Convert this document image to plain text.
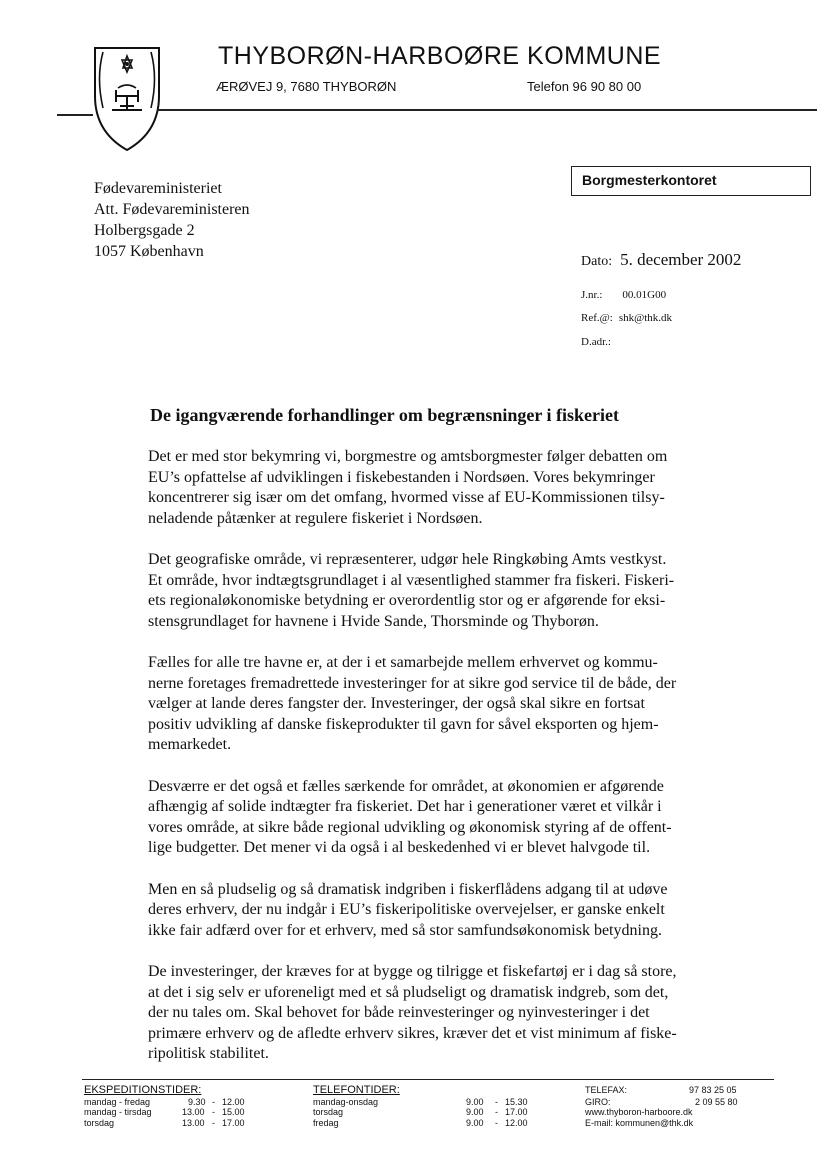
THYBORØN-HARBOØRE KOMMUNE
ÆRØVEJ 9, 7680 THYBORØN	Telefon 96 90 80 00
Fødevareministeriet
Att. Fødevareministeren
Holbergsgade 2
1057 København
Borgmesterkontoret
Dato: 5. december 2002
J.nr.: 00.01G00
Ref.@: shk@thk.dk
D.adr.:
De igangværende forhandlinger om begrænsninger i fiskeriet

Det er med stor bekymring vi, borgmestre og amtsborgmester følger debatten om
EU’s opfattelse af udviklingen i fiskebestanden i Nordsøen. Vores bekymringer
koncentrerer sig især om det omfang, hvormed visse af EU-Kommissionen tilsy-
neladende påtænker at regulere fiskeriet i Nordsøen.

Det geografiske område, vi repræsenterer, udgør hele Ringkøbing Amts vestkyst.
Et område, hvor indtægtsgrundlaget i al væsentlighed stammer fra fiskeri. Fiskeri-
ets regionaløkonomiske betydning er overordentlig stor og er afgørende for eksi-
stensgrundlaget for havnene i Hvide Sande, Thorsminde og Thyborøn.

Fælles for alle tre havne er, at der i et samarbejde mellem erhvervet og kommu-
nerne foretages fremadrettede investeringer for at sikre god service til de både, der
vælger at lande deres fangster der. Investeringer, der også skal sikre en fortsat
positiv udvikling af danske fiskeprodukter til gavn for såvel eksporten og hjem-
memarkedet.

Desværre er det også et fælles særkende for området, at økonomien er afgørende
afhængig af solide indtægter fra fiskeriet. Det har i generationer været et vilkår i
vores område, at sikre både regional udvikling og økonomisk styring af de offent-
lige budgetter. Det mener vi da også i al beskedenhed vi er blevet halvgode til.

Men en så pludselig og så dramatisk indgriben i fiskerflådens adgang til at udøve
deres erhverv, der nu indgår i EU’s fiskeripolitiske overvejelser, er ganske enkelt
ikke fair adfærd over for et erhverv, med så stor samfundsøkonomisk betydning.

De investeringer, der kræves for at bygge og tilrigge et fiskefartøj er i dag så store,
at det i sig selv er uforeneligt med et så pludseligt og dramatisk indgreb, som det,
der nu tales om. Skal behovet for både reinvesteringer og nyinvesteringer i det
primære erhverv og de afledte erhverv sikres, kræver det et vist minimum af fiske-
ripolitisk stabilitet.

EKSPEDITIONSTIDER:
mandag - fredag	9.30 - 12.00
mandag - tirsdag	13.00 - 15.00
torsdag	13.00 - 17.00
TELEFONTIDER:
mandag-onsdag	9.00 - 15.30
torsdag	9.00 - 17.00
fredag	9.00 - 12.00
TELEFAX:	97 83 25 05
GIRO:	2 09 55 80
www.thyboron-harboore.dk
E-mail: kommunen@thk.dk
